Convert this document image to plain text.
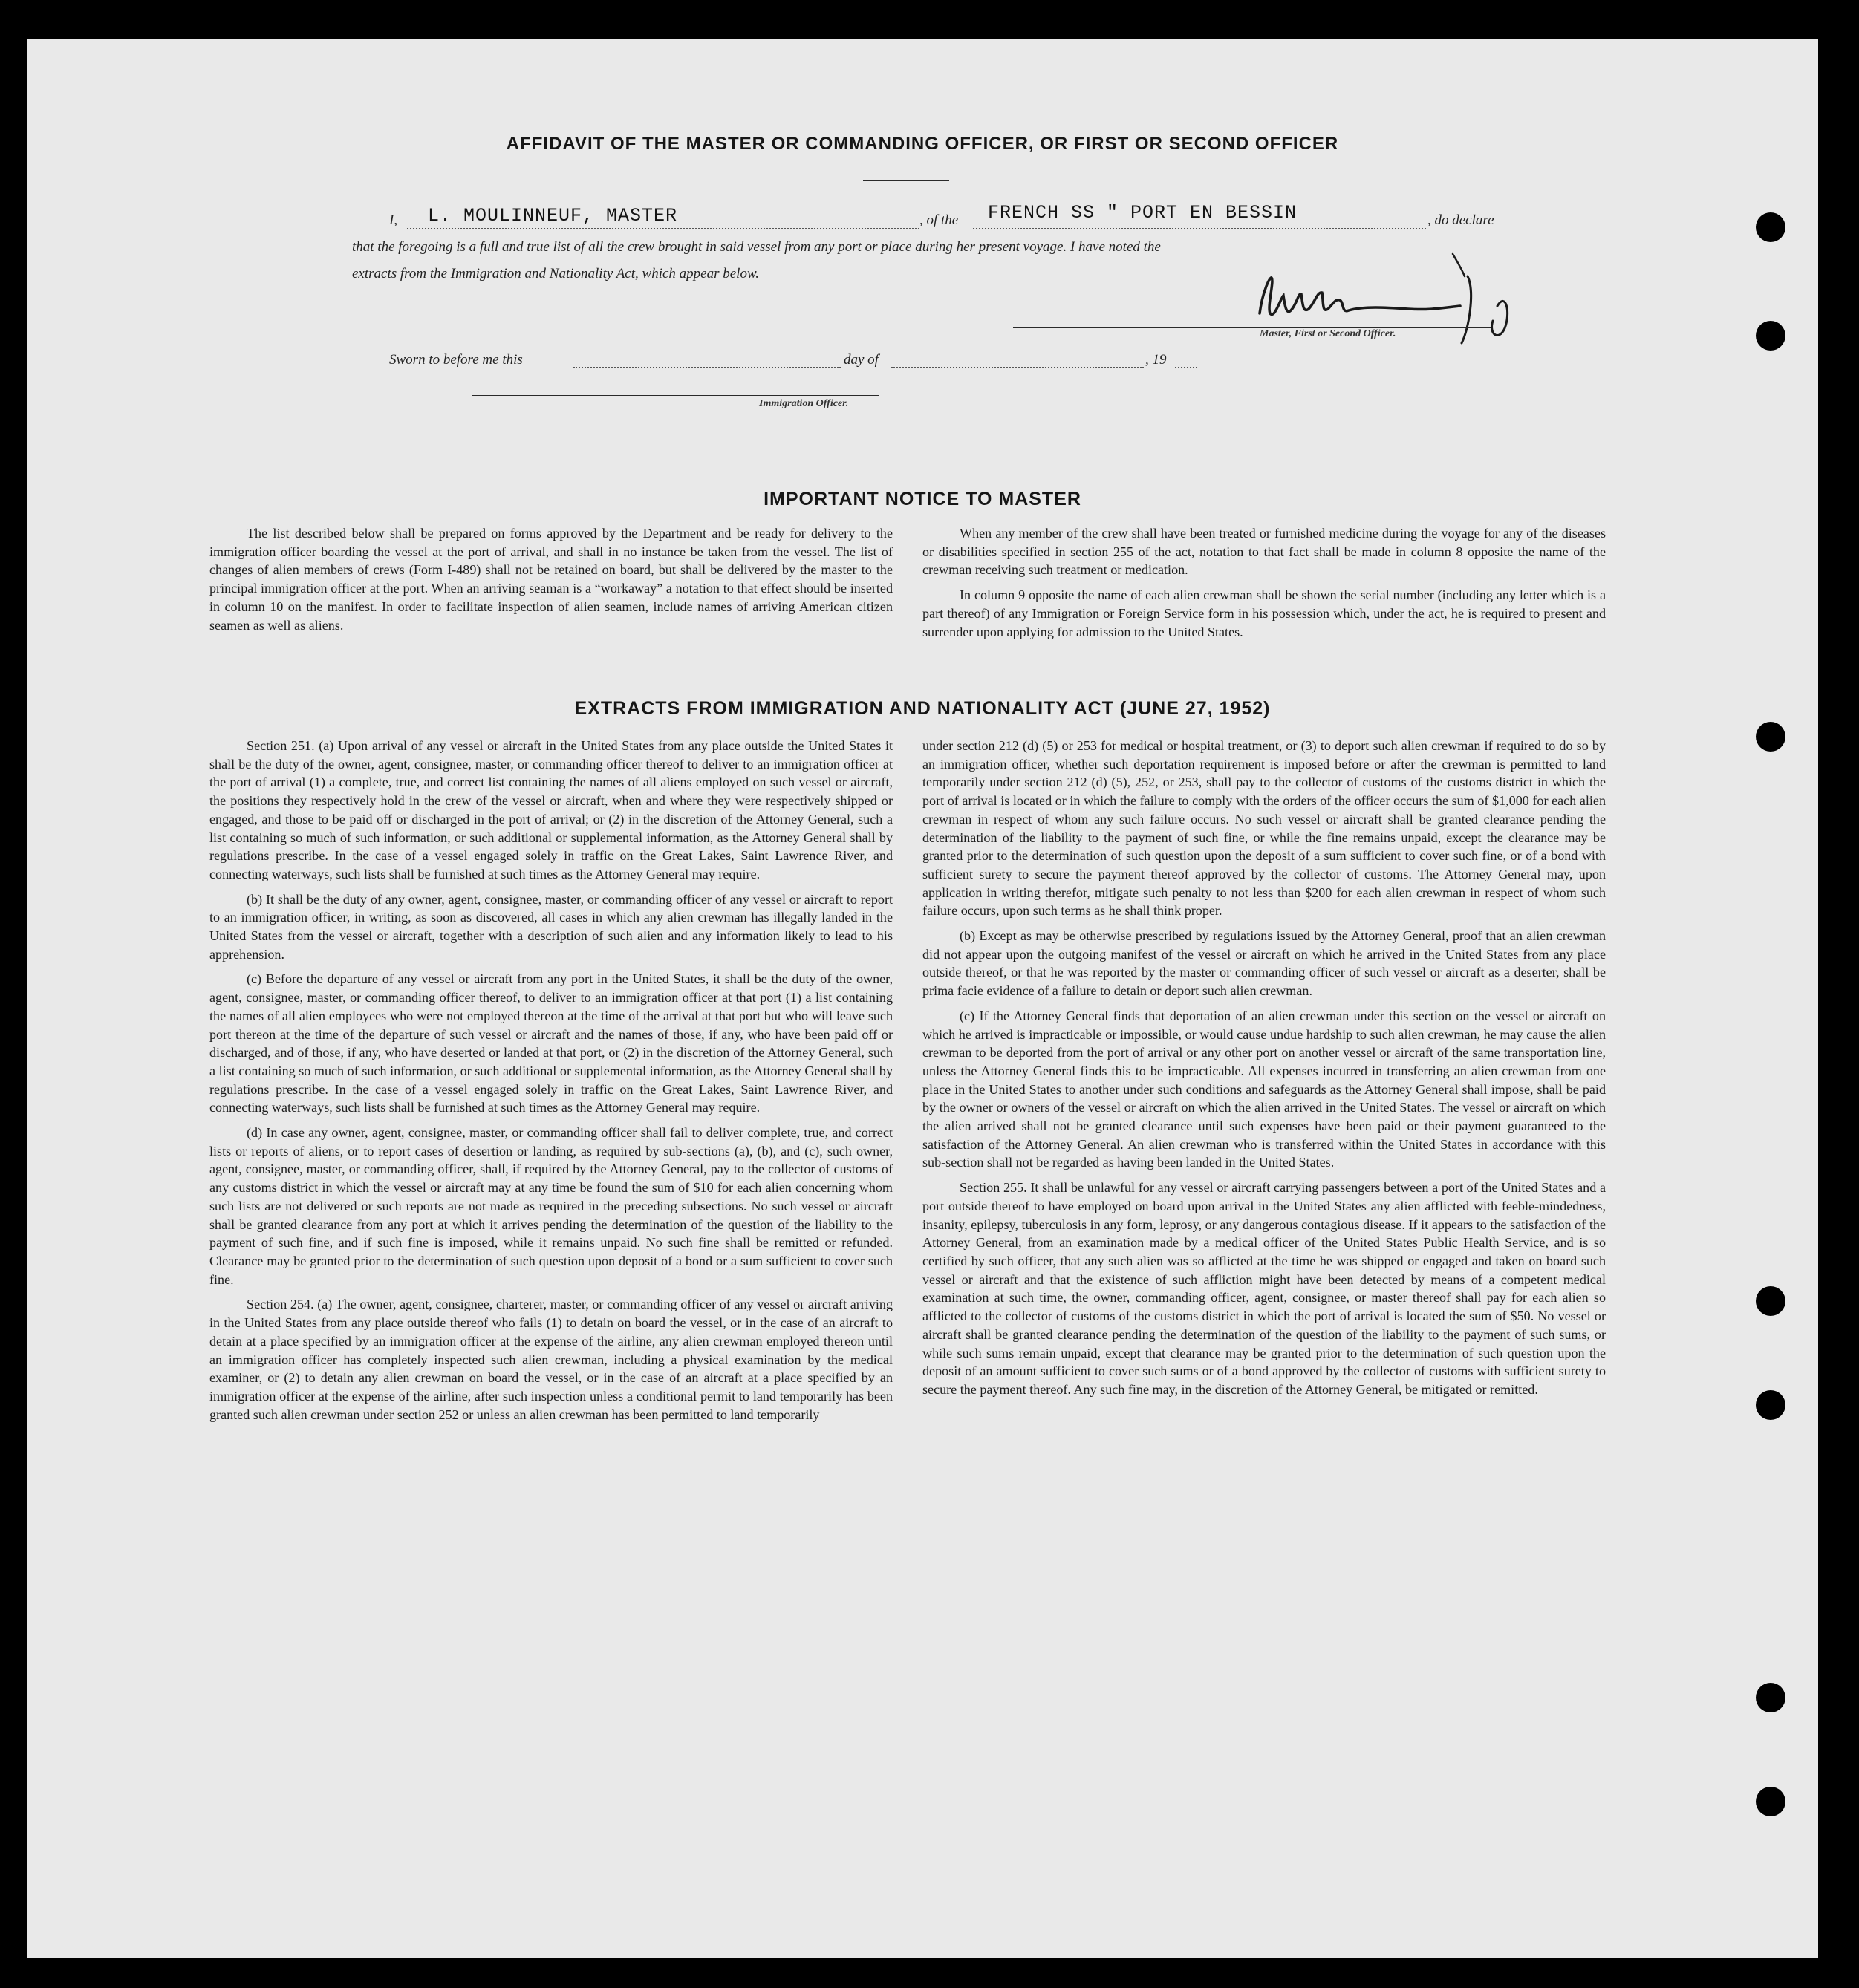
AFFIDAVIT OF THE MASTER OR COMMANDING OFFICER, OR FIRST OR SECOND OFFICER
I, L. MOULINNEUF, MASTER	, of the FRENCH SS " PORT EN BESSIN	, do declare
that the foregoing is a full and true list of all the crew brought in said vessel from any port or place during her present voyage. I have noted the
extracts from the Immigration and Nationality Act, which appear below.
Master, First or Second Officer.
Sworn to before me this	day of	, 19
Immigration Officer.
IMPORTANT NOTICE TO MASTER

The list described below shall be prepared on forms approved by the Department and be ready for delivery to the immigration officer boarding the vessel at the port of arrival, and shall in no instance be taken from the vessel. The list of changes of alien members of crews (Form I-489) shall not be retained on board, but shall be delivered by the master to the principal immigration officer at the port. When an arriving seaman is a “workaway” a notation to that effect should be inserted in column 10 on the manifest. In order to facilitate inspection of alien seamen, include names of arriving American citizen seamen as well as aliens.

When any member of the crew shall have been treated or furnished medicine during the voyage for any of the diseases or disabilities specified in section 255 of the act, notation to that fact shall be made in column 8 opposite the name of the crewman receiving such treatment or medication.

In column 9 opposite the name of each alien crewman shall be shown the serial number (including any letter which is a part thereof) of any Immigration or Foreign Service form in his possession which, under the act, he is required to present and surrender upon applying for admission to the United States.

EXTRACTS FROM IMMIGRATION AND NATIONALITY ACT (JUNE 27, 1952)

Section 251. (a) Upon arrival of any vessel or aircraft in the United States from any place outside the United States it shall be the duty of the owner, agent, consignee, master, or commanding officer thereof to deliver to an immigration officer at the port of arrival (1) a complete, true, and correct list containing the names of all aliens employed on such vessel or aircraft, the positions they respectively hold in the crew of the vessel or aircraft, when and where they were respectively shipped or engaged, and those to be paid off or discharged in the port of arrival; or (2) in the discretion of the Attorney General, such a list containing so much of such information, or such additional or supplemental information, as the Attorney General shall by regulations prescribe. In the case of a vessel engaged solely in traffic on the Great Lakes, Saint Lawrence River, and connecting waterways, such lists shall be furnished at such times as the Attorney General may require.

(b) It shall be the duty of any owner, agent, consignee, master, or commanding officer of any vessel or aircraft to report to an immigration officer, in writing, as soon as discovered, all cases in which any alien crewman has illegally landed in the United States from the vessel or aircraft, together with a description of such alien and any information likely to lead to his apprehension.

(c) Before the departure of any vessel or aircraft from any port in the United States, it shall be the duty of the owner, agent, consignee, master, or commanding officer thereof, to deliver to an immigration officer at that port (1) a list containing the names of all alien employees who were not employed thereon at the time of the arrival at that port but who will leave such port thereon at the time of the departure of such vessel or aircraft and the names of those, if any, who have been paid off or discharged, and of those, if any, who have deserted or landed at that port, or (2) in the discretion of the Attorney General, such a list containing so much of such information, or such additional or supplemental information, as the Attorney General shall by regulations prescribe. In the case of a vessel engaged solely in traffic on the Great Lakes, Saint Lawrence River, and connecting waterways, such lists shall be furnished at such times as the Attorney General may require.

(d) In case any owner, agent, consignee, master, or commanding officer shall fail to deliver complete, true, and correct lists or reports of aliens, or to report cases of desertion or landing, as required by sub-sections (a), (b), and (c), such owner, agent, consignee, master, or commanding officer, shall, if required by the Attorney General, pay to the collector of customs of any customs district in which the vessel or aircraft may at any time be found the sum of $10 for each alien concerning whom such lists are not delivered or such reports are not made as required in the preceding subsections. No such vessel or aircraft shall be granted clearance from any port at which it arrives pending the determination of the question of the liability to the payment of such fine, and if such fine is imposed, while it remains unpaid. No such fine shall be remitted or refunded. Clearance may be granted prior to the determination of such question upon deposit of a bond or a sum sufficient to cover such fine.

Section 254. (a) The owner, agent, consignee, charterer, master, or commanding officer of any vessel or aircraft arriving in the United States from any place outside thereof who fails (1) to detain on board the vessel, or in the case of an aircraft to detain at a place specified by an immigration officer at the expense of the airline, any alien crewman employed thereon until an immigration officer has completely inspected such alien crewman, including a physical examination by the medical examiner, or (2) to detain any alien crewman on board the vessel, or in the case of an aircraft at a place specified by an immigration officer at the expense of the airline, after such inspection unless a conditional permit to land temporarily has been granted such alien crewman under section 252 or unless an alien crewman has been permitted to land temporarily

under section 212 (d) (5) or 253 for medical or hospital treatment, or (3) to deport such alien crewman if required to do so by an immigration officer, whether such deportation requirement is imposed before or after the crewman is permitted to land temporarily under section 212 (d) (5), 252, or 253, shall pay to the collector of customs of the customs district in which the port of arrival is located or in which the failure to comply with the orders of the officer occurs the sum of $1,000 for each alien crewman in respect of whom any such failure occurs. No such vessel or aircraft shall be granted clearance pending the determination of the liability to the payment of such fine, or while the fine remains unpaid, except the clearance may be granted prior to the determination of such question upon the deposit of a sum sufficient to cover such fine, or of a bond with sufficient surety to secure the payment thereof approved by the collector of customs. The Attorney General may, upon application in writing therefor, mitigate such penalty to not less than $200 for each alien crewman in respect of whom such failure occurs, upon such terms as he shall think proper.

(b) Except as may be otherwise prescribed by regulations issued by the Attorney General, proof that an alien crewman did not appear upon the outgoing manifest of the vessel or aircraft on which he arrived in the United States from any place outside thereof, or that he was reported by the master or commanding officer of such vessel or aircraft as a deserter, shall be prima facie evidence of a failure to detain or deport such alien crewman.

(c) If the Attorney General finds that deportation of an alien crewman under this section on the vessel or aircraft on which he arrived is impracticable or impossible, or would cause undue hardship to such alien crewman, he may cause the alien crewman to be deported from the port of arrival or any other port on another vessel or aircraft of the same transportation line, unless the Attorney General finds this to be impracticable. All expenses incurred in transferring an alien crewman from one place in the United States to another under such conditions and safeguards as the Attorney General shall impose, shall be paid by the owner or owners of the vessel or aircraft on which the alien arrived in the United States. The vessel or aircraft on which the alien arrived shall not be granted clearance until such expenses have been paid or their payment guaranteed to the satisfaction of the Attorney General. An alien crewman who is transferred within the United States in accordance with this sub-section shall not be regarded as having been landed in the United States.

Section 255. It shall be unlawful for any vessel or aircraft carrying passengers between a port of the United States and a port outside thereof to have employed on board upon arrival in the United States any alien afflicted with feeble-mindedness, insanity, epilepsy, tuberculosis in any form, leprosy, or any dangerous contagious disease. If it appears to the satisfaction of the Attorney General, from an examination made by a medical officer of the United States Public Health Service, and is so certified by such officer, that any such alien was so afflicted at the time he was shipped or engaged and taken on board such vessel or aircraft and that the existence of such affliction might have been detected by means of a competent medical examination at such time, the owner, commanding officer, agent, consignee, or master thereof shall pay for each alien so afflicted to the collector of customs of the customs district in which the port of arrival is located the sum of $50. No vessel or aircraft shall be granted clearance pending the determination of the question of the liability to the payment of such sums, or while such sums remain unpaid, except that clearance may be granted prior to the determination of such question upon the deposit of an amount sufficient to cover such sums or of a bond approved by the collector of customs with sufficient surety to secure the payment thereof. Any such fine may, in the discretion of the Attorney General, be mitigated or remitted.
